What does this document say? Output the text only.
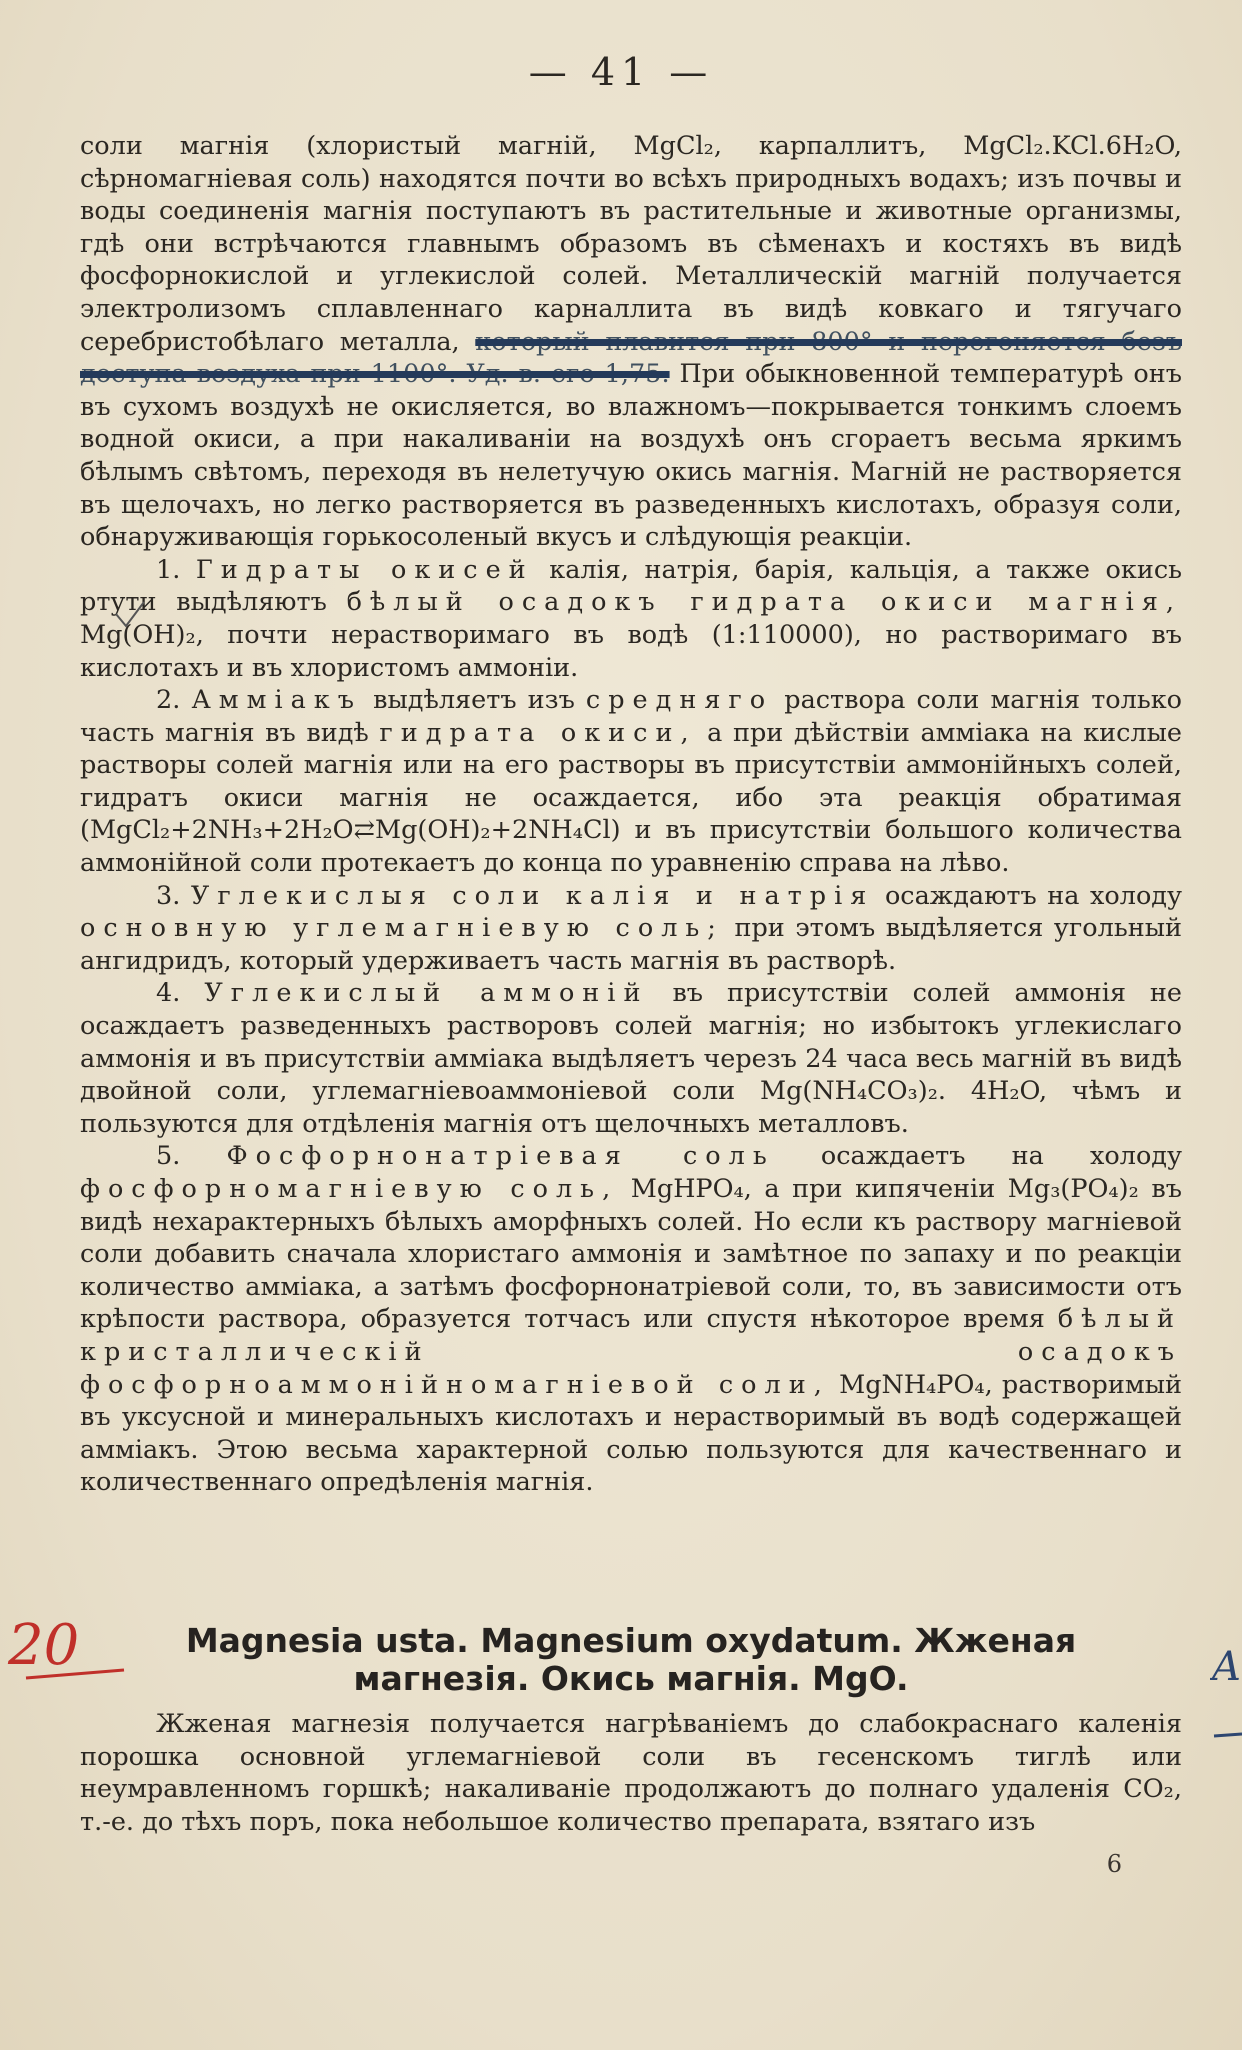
— 41 —

соли магнія (хлористый магній, MgCl₂, карпаллитъ, MgCl₂.KCl.6H₂O, сѣрномагніевая соль) находятся почти во всѣхъ природныхъ водахъ; изъ почвы и воды соединенія магнія поступаютъ въ растительные и животные организмы, гдѣ они встрѣчаются главнымъ образомъ въ сѣменахъ и костяхъ въ видѣ фосфорнокислой и углекислой солей. Металлическій магній получается электролизомъ сплавленнаго карналлита въ видѣ ковкаго и тягучаго серебристобѣлаго металла, который плавится при 800° и перегоняется безъ доступа воздуха при 1100°. Уд. в. его 1,75. При обыкновенной температурѣ онъ въ сухомъ воздухѣ не окисляется, во влажномъ—покрывается тонкимъ слоемъ водной окиси, а при накаливаніи на воздухѣ онъ сгораетъ весьма яркимъ бѣлымъ свѣтомъ, переходя въ нелетучую окись магнія. Магній не растворяется въ щелочахъ, но легко растворяется въ разведенныхъ кислотахъ, образуя соли, обнаруживающія горькосоленый вкусъ и слѣдующія реакціи.

1. Гидраты окисей калія, натрія, барія, кальція, а также окись ртути выдѣляютъ бѣлый осадокъ гидрата окиси магнія, Mg(OH)₂, почти нерастворимаго въ водѣ (1:110000), но растворимаго въ кислотахъ и въ хлористомъ аммоніи.

2. Амміакъ выдѣляетъ изъ средняго раствора соли магнія только часть магнія въ видѣ гидрата окиси, а при дѣйствіи амміака на кислые растворы солей магнія или на его растворы въ присутствіи аммонійныхъ солей, гидратъ окиси магнія не осаждается, ибо эта реакція обратимая (MgCl₂+2NH₃+2H₂O⇄Mg(OH)₂+2NH₄Cl) и въ присутствіи большого количества аммонійной соли протекаетъ до конца по уравненію справа на лѣво.

3. Углекислыя соли калія и натрія осаждаютъ на холоду основную углемагніевую соль; при этомъ выдѣляется угольный ангидридъ, который удерживаетъ часть магнія въ растворѣ.

4. Углекислый аммоній въ присутствіи солей аммонія не осаждаетъ разведенныхъ растворовъ солей магнія; но избытокъ углекислаго аммонія и въ присутствіи амміака выдѣляетъ черезъ 24 часа весь магній въ видѣ двойной соли, углемагніевоаммоніевой соли Mg(NH₄CO₃)₂. 4H₂O, чѣмъ и пользуются для отдѣленія магнія отъ щелочныхъ металловъ.

5. Фосфорнонатріевая соль осаждаетъ на холоду фосфорномагніевую соль, MgHPO₄, а при кипяченіи Mg₃(PO₄)₂ въ видѣ нехарактерныхъ бѣлыхъ аморфныхъ солей. Но если къ раствору магніевой соли добавить сначала хлористаго аммонія и замѣтное по запаху и по реакціи количество амміака, а затѣмъ фосфорнонатріевой соли, то, въ зависимости отъ крѣпости раствора, образуется тотчасъ или спустя нѣкоторое время бѣлый кристаллическій осадокъ фосфорноаммонійномагніевой соли, MgNH₄PO₄, растворимый въ уксусной и минеральныхъ кислотахъ и нерастворимый въ водѣ содержащей амміакъ. Этою весьма характерной солью пользуются для качественнаго и количественнаго опредѣленія магнія.

Magnesia usta. Magnesium oxydatum. Жженая
магнезія. Окись магнія. MgO.

Жженая магнезія получается нагрѣваніемъ до слабокраснаго каленія порошка основной углемагніевой соли въ гесенскомъ тиглѣ или неумравленномъ горшкѣ; накаливаніе продолжаютъ до полнаго удаленія CO₂, т.-е. до тѣхъ поръ, пока небольшое количество препарата, взятаго изъ

6
20	A
